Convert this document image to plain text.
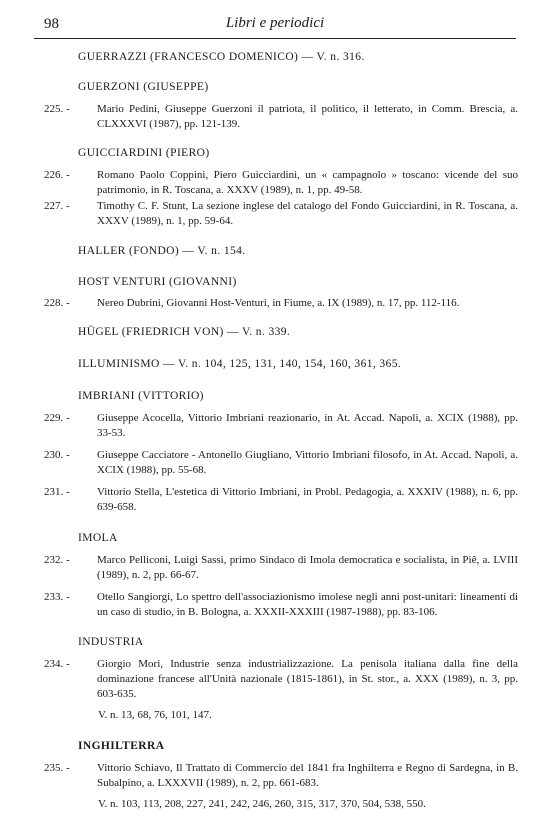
98	Libri e periodici
GUERRAZZI (FRANCESCO DOMENICO) — V. n. 316.
GUERZONI (GIUSEPPE)
225. - Mario Pedini, Giuseppe Guerzoni il patriota, il politico, il letterato, in Comm. Brescia, a. CLXXXVI (1987), pp. 121-139.
GUICCIARDINI (PIERO)
226. - Romano Paolo Coppini, Piero Guicciardini, un « campagnolo » toscano: vicende del suo patrimonio, in R. Toscana, a. XXXV (1989), n. 1, pp. 49-58.
227. - Timothy C. F. Stunt, La sezione inglese del catalogo del Fondo Guicciardini, in R. Toscana, a. XXXV (1989), n. 1, pp. 59-64.
HALLER (FONDO) — V. n. 154.
HOST VENTURI (GIOVANNI)
228. - Nereo Dubrini, Giovanni Host-Venturi, in Fiume, a. IX (1989), n. 17, pp. 112-116.
HÜGEL (FRIEDRICH VON) — V. n. 339.
ILLUMINISMO — V. n. 104, 125, 131, 140, 154, 160, 361, 365.
IMBRIANI (VITTORIO)
229. - Giuseppe Acocella, Vittorio Imbriani reazionario, in At. Accad. Napoli, a. XCIX (1988), pp. 33-53.
230. - Giuseppe Cacciatore - Antonello Giugliano, Vittorio Imbriani filosofo, in At. Accad. Napoli, a. XCIX (1988), pp. 55-68.
231. - Vittorio Stella, L'estetica di Vittorio Imbriani, in Probl. Pedagogia, a. XXXIV (1988), n. 6, pp. 639-658.
IMOLA
232. - Marco Pelliconi, Luigi Sassi, primo Sindaco di Imola democratica e socialista, in Piê, a. LVIII (1989), n. 2, pp. 66-67.
233. - Otello Sangiorgi, Lo spettro dell'associazionismo imolese negli anni post-unitari: lineamenti di un caso di studio, in B. Bologna, a. XXXII-XXXIII (1987-1988), pp. 83-106.
INDUSTRIA
234. - Giorgio Mori, Industrie senza industrializzazione. La penisola italiana dalla fine della dominazione francese all'Unità nazionale (1815-1861), in St. stor., a. XXX (1989), n. 3, pp. 603-635.
V. n. 13, 68, 76, 101, 147.
INGHILTERRA
235. - Vittorio Schiavo, Il Trattato di Commercio del 1841 fra Inghilterra e Regno di Sardegna, in B. Subalpino, a. LXXXVII (1989), n. 2, pp. 661-683.
V. n. 103, 113, 208, 227, 241, 242, 246, 260, 315, 317, 370, 504, 538, 550.
